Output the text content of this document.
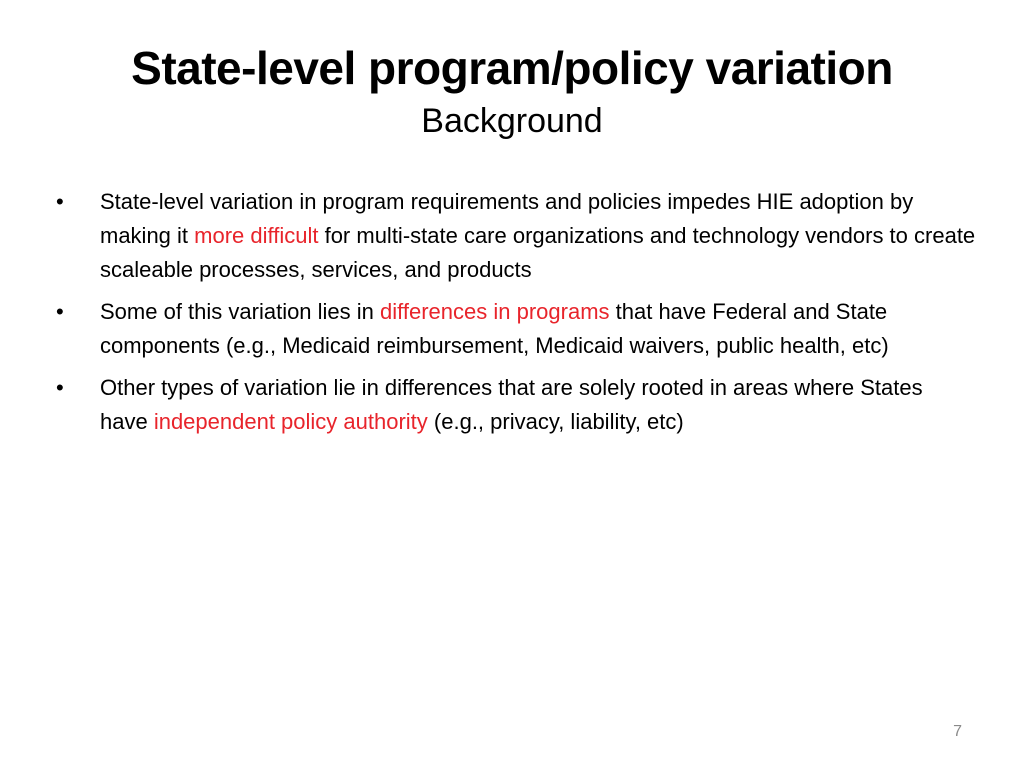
State-level program/policy variation
Background
•	State-level variation in program requirements and policies impedes HIE adoption by making it more difficult for multi-state care organizations and technology vendors to create scaleable processes, services, and products
•	Some of this variation lies in differences in programs that have Federal and State components (e.g., Medicaid reimbursement, Medicaid waivers, public health, etc)
•	Other types of variation lie in differences that are solely rooted in areas where States have independent policy authority (e.g., privacy, liability, etc)
7
